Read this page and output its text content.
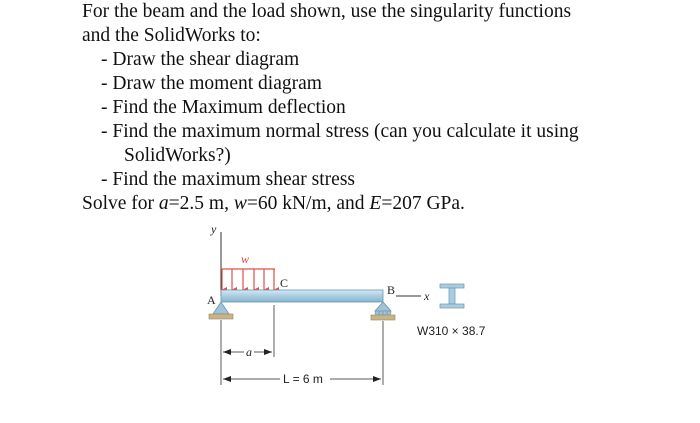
For the beam and the load shown, use the singularity functions
and the SolidWorks to:
- Draw the shear diagram
- Draw the moment diagram
- Find the Maximum deflection
- Find the maximum normal stress (can you calculate it using
SolidWorks?)
- Find the maximum shear stress
Solve for a=2.5 m, w=60 kN/m, and E=207 GPa.
y
w
A
C	B x
W310 × 38.7
a
L = 6 m
